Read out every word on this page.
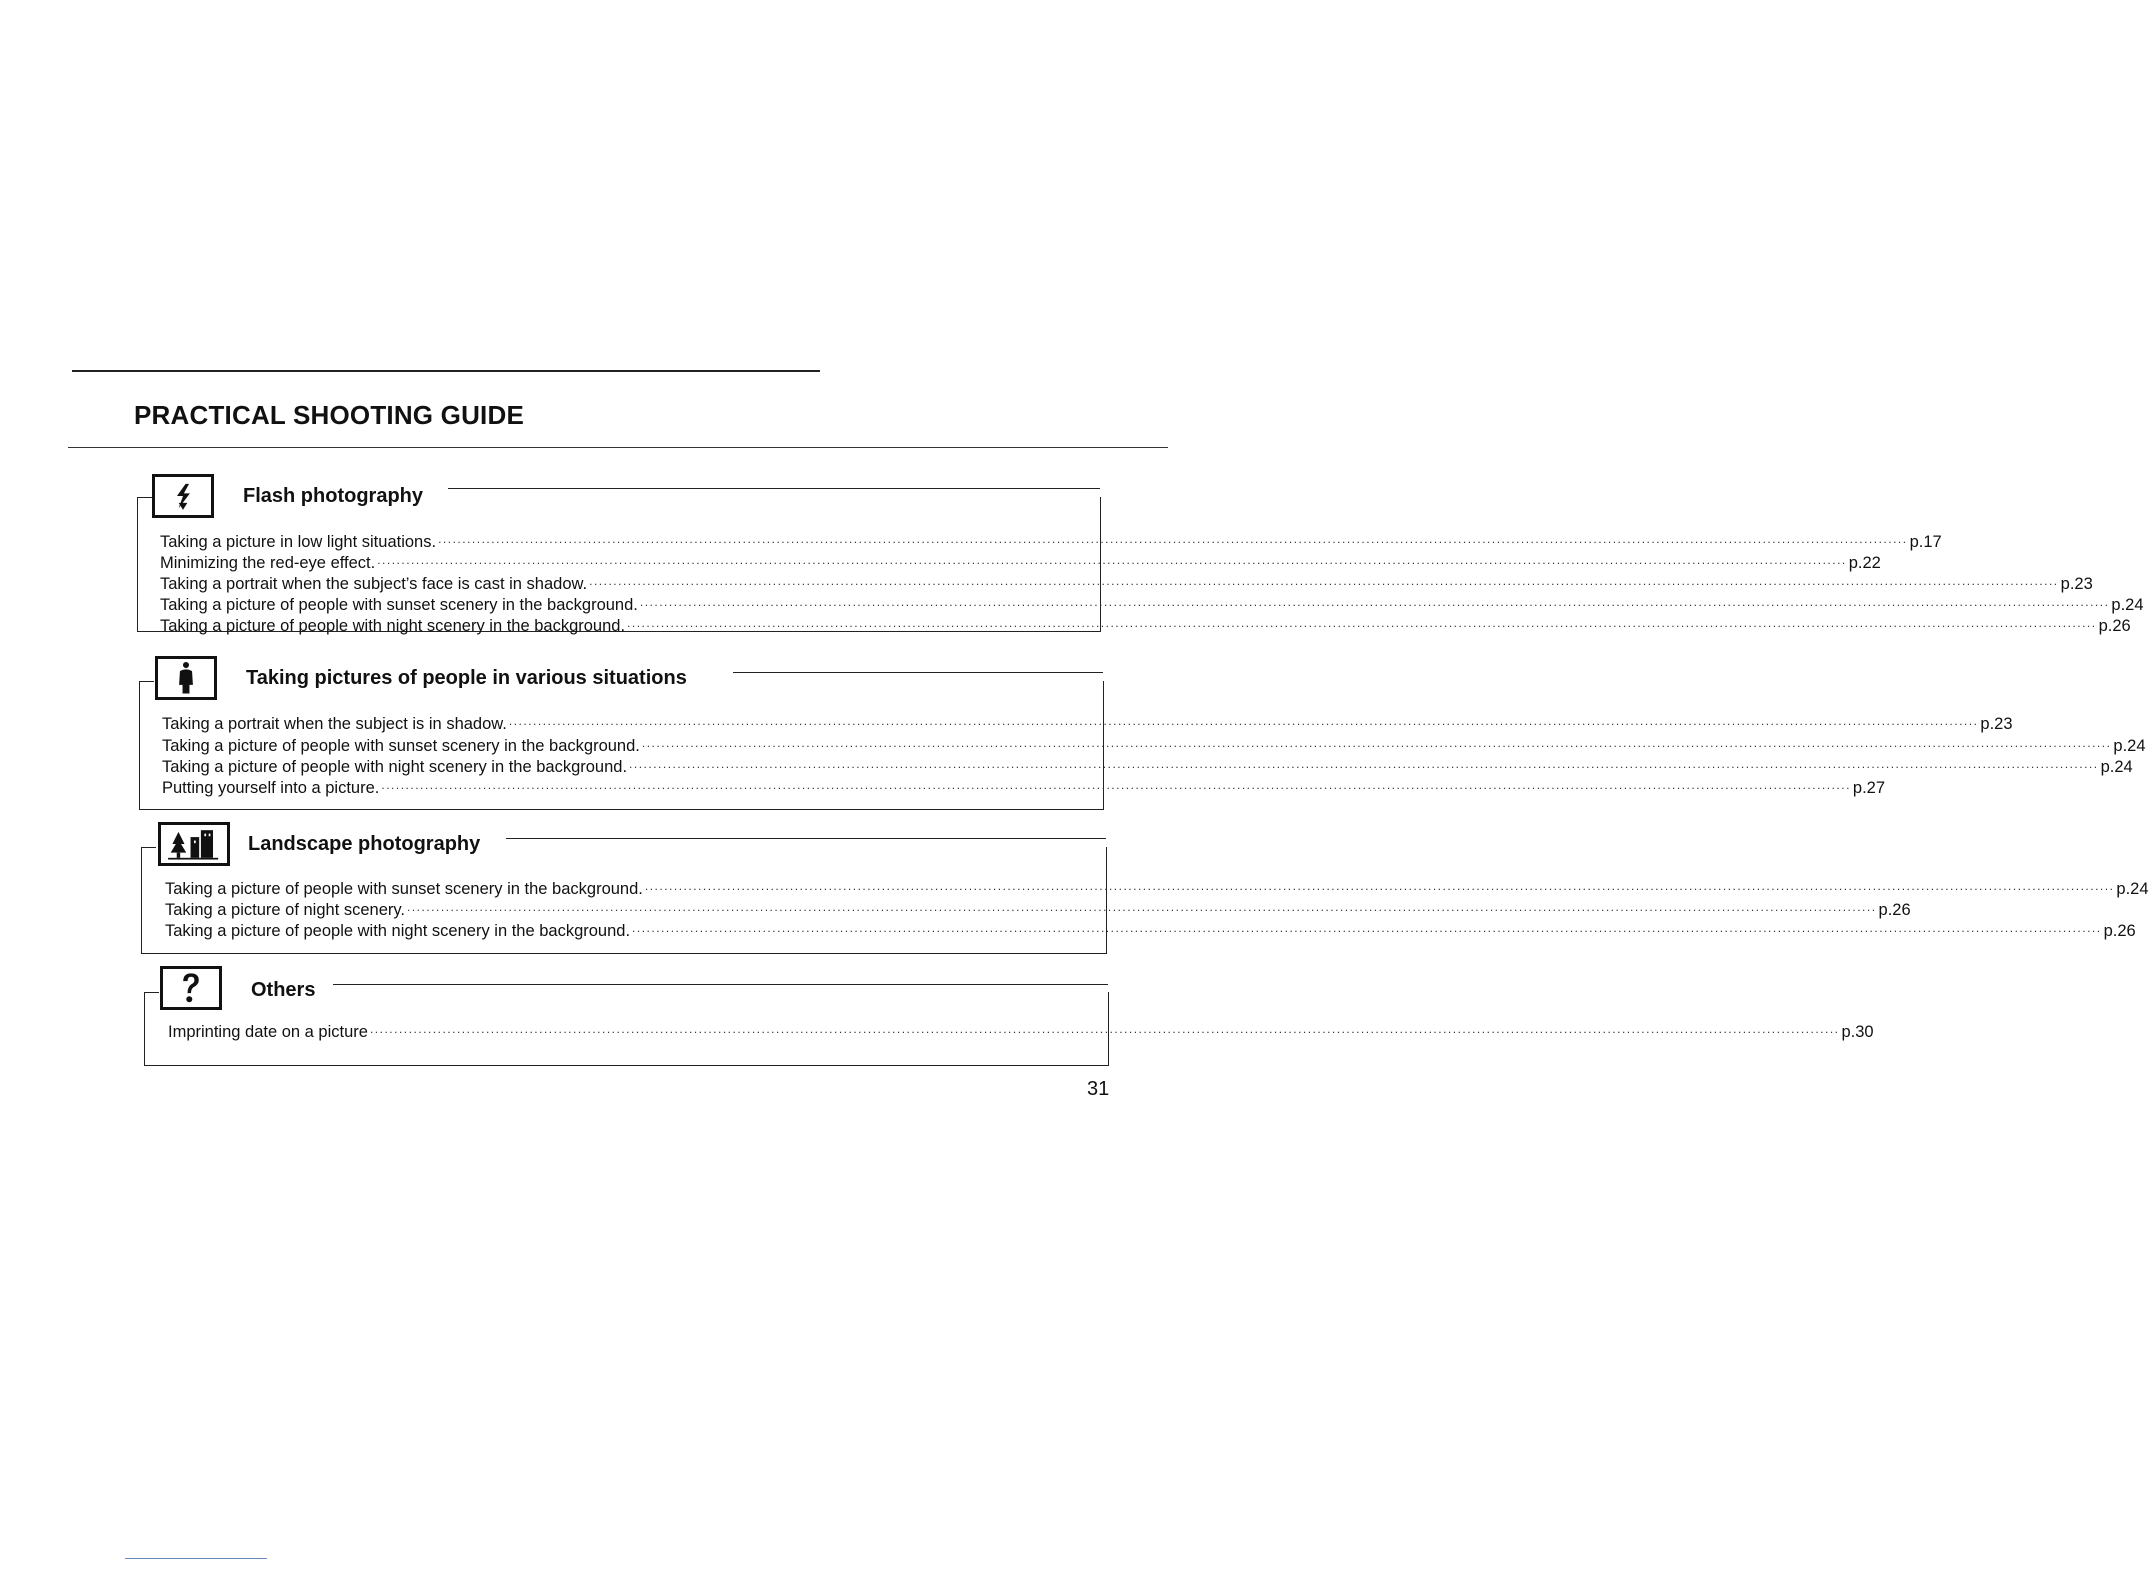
PRACTICAL SHOOTING GUIDE
Flash photography
Taking a picture in low light situations. ................................................................................................................................................................................................................................................................................................................ p.17
Minimizing the red-eye effect. ................................................................................................................................................................................................................................................................................................................ p.22
Taking a portrait when the subject’s face is cast in shadow. ................................................................................................................................................................................................................................................................................................................ p.23
Taking a picture of people with sunset scenery in the background. ................................................................................................................................................................................................................................................................................................................ p.24
Taking a picture of people with night scenery in the background. ................................................................................................................................................................................................................................................................................................................ p.26
Taking pictures of people in various situations
Taking a portrait when the subject is in shadow. ................................................................................................................................................................................................................................................................................................................ p.23
Taking a picture of people with sunset scenery in the background. ................................................................................................................................................................................................................................................................................................................ p.24
Taking a picture of people with night scenery in the background. ................................................................................................................................................................................................................................................................................................................ p.24
Putting yourself into a picture. ................................................................................................................................................................................................................................................................................................................ p.27
Landscape photography
Taking a picture of people with sunset scenery in the background. ................................................................................................................................................................................................................................................................................................................ p.24
Taking a picture of night scenery. ................................................................................................................................................................................................................................................................................................................ p.26
Taking a picture of people with night scenery in the background. ................................................................................................................................................................................................................................................................................................................ p.26
Others
Imprinting date on a picture ................................................................................................................................................................................................................................................................................................................ p.30
31
